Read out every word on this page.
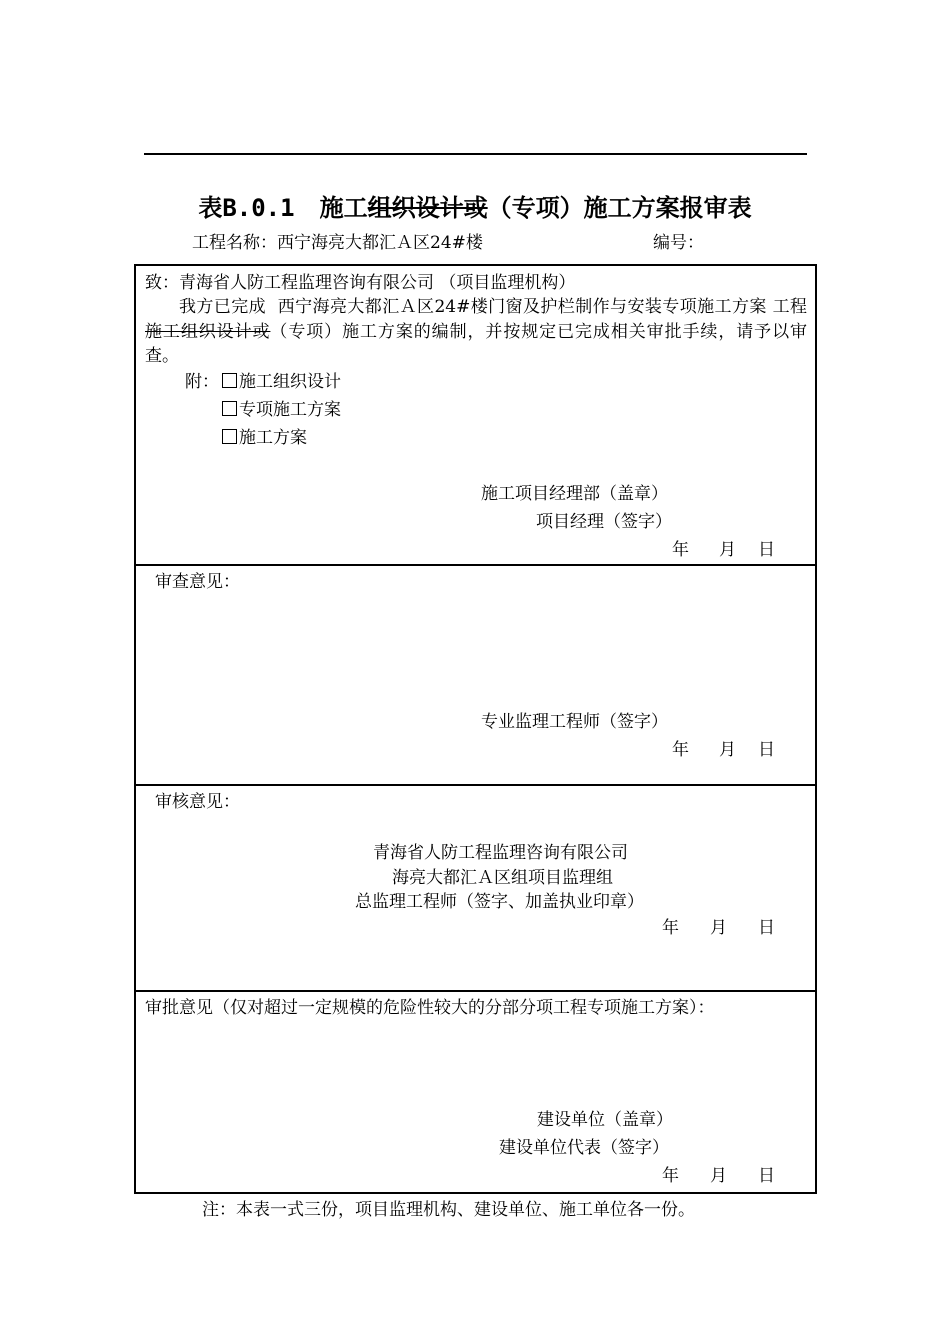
表B.0.1 施工组织设计或（专项）施工方案报审表
工程名称：西宁海亮大都汇Ａ区24#楼	编号：
致：青海省人防工程监理咨询有限公司 （项目监理机构）
我方已完成 西宁海亮大都汇Ａ区24#楼门窗及护栏制作与安装专项施工方案 工程施工组织设计或（专项）施工方案的编制，并按规定已完成相关审批手续，请予以审查。
附：	施工组织设计
专项施工方案
施工方案
施工项目经理部（盖章）
项目经理（签字）
年 月 日
审查意见：
专业监理工程师（签字）
年 月 日
审核意见：
青海省人防工程监理咨询有限公司
海亮大都汇Ａ区组项目监理组
总监理工程师（签字、加盖执业印章）
年 月 日
审批意见（仅对超过一定规模的危险性较大的分部分项工程专项施工方案）：
建设单位（盖章）
建设单位代表（签字）
年 月 日
注：本表一式三份，项目监理机构、建设单位、施工单位各一份。
